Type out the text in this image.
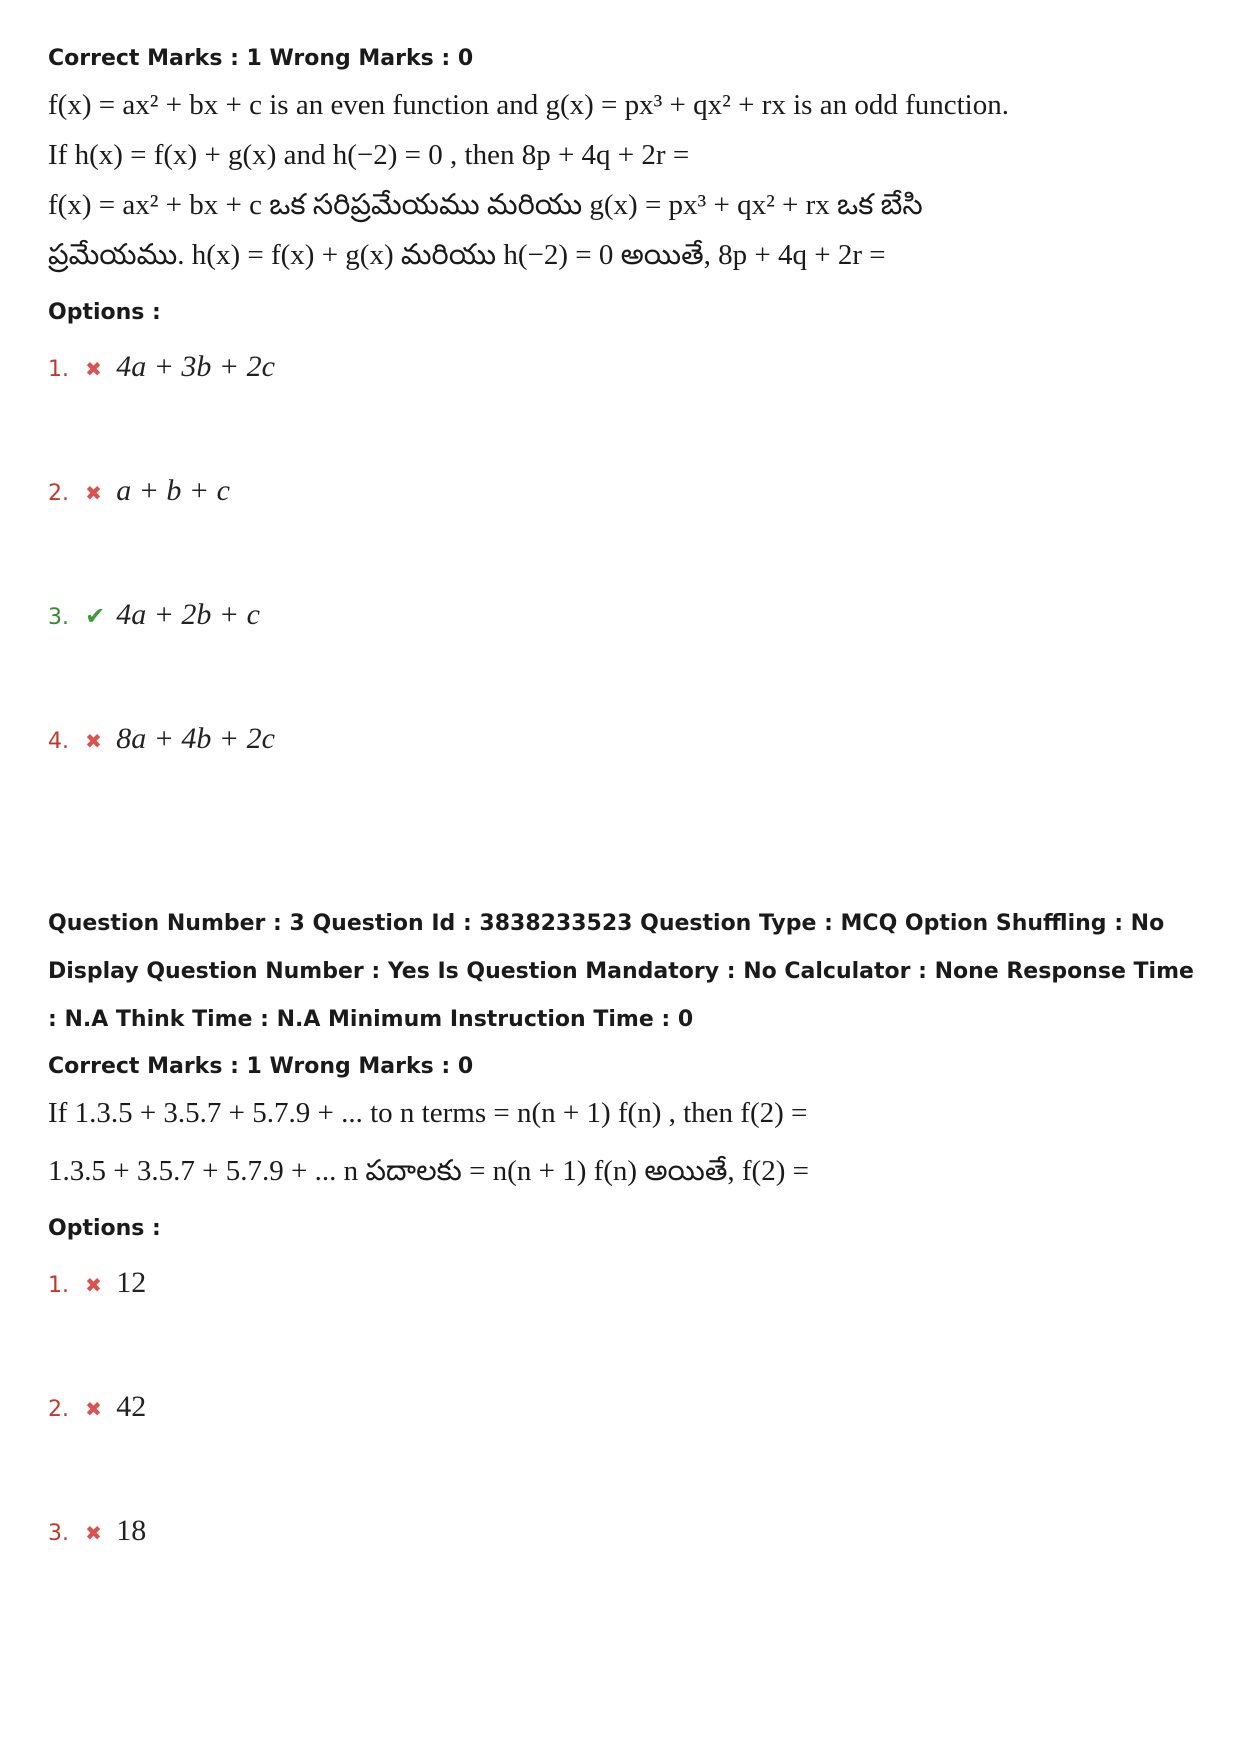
Correct Marks : 1 Wrong Marks : 0
f(x) = ax² + bx + c is an even function and g(x) = px³ + qx² + rx is an odd function.
If h(x) = f(x) + g(x) and h(−2) = 0 , then 8p + 4q + 2r =
f(x) = ax² + bx + c ఒక సరిప్రమేయము మరియు g(x) = px³ + qx² + rx ఒక బేసి
ప్రమేయము. h(x) = f(x) + g(x) మరియు h(−2) = 0 అయితే, 8p + 4q + 2r =
Options :
1. ✖ 4a + 3b + 2c
2. ✖ a + b + c
3. ✔ 4a + 2b + c
4. ✖ 8a + 4b + 2c
Question Number : 3 Question Id : 3838233523 Question Type : MCQ Option Shuffling : No Display Question Number : Yes Is Question Mandatory : No Calculator : None Response Time : N.A Think Time : N.A Minimum Instruction Time : 0
Correct Marks : 1 Wrong Marks : 0
If 1.3.5 + 3.5.7 + 5.7.9 + ... to n terms = n(n + 1) f(n) , then f(2) =
1.3.5 + 3.5.7 + 5.7.9 + ... n పదాలకు = n(n + 1) f(n) అయితే, f(2) =
Options :
1. ✖ 12
2. ✖ 42
3. ✖ 18
